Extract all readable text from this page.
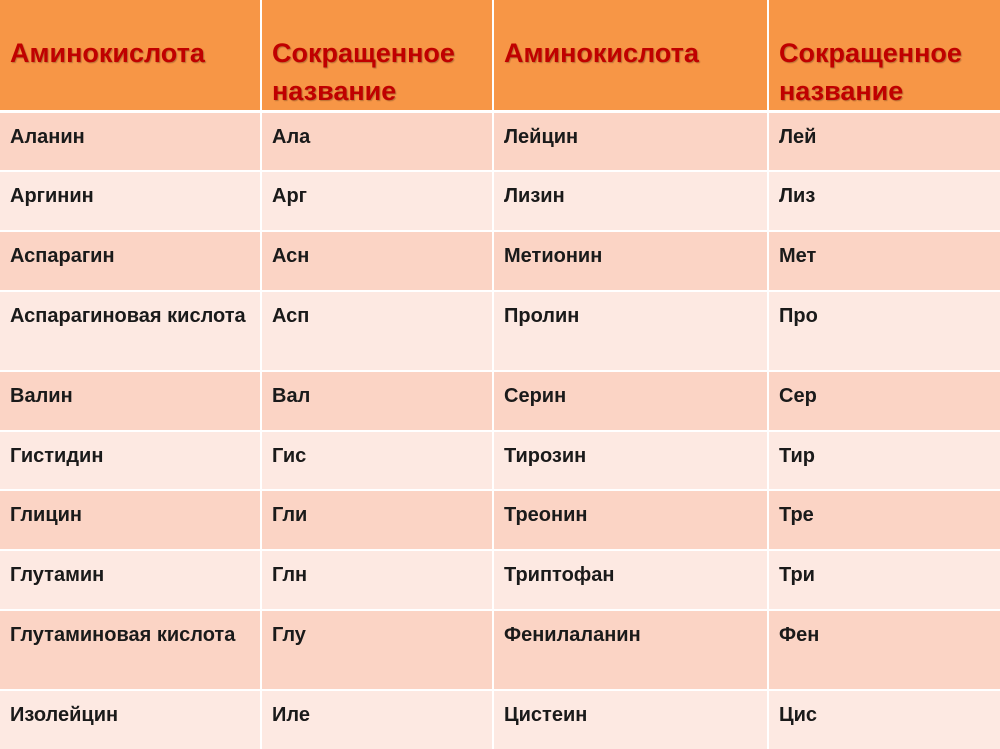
Аминокислота	Сокращенное название	Аминокислота	Сокращенное название
Аланин	Ала	Лейцин	Лей
Аргинин	Арг	Лизин	Лиз
Аспарагин	Асн	Метионин	Мет
Аспарагиновая кислота	Асп	Пролин	Про
Валин	Вал	Серин	Сер
Гистидин	Гис	Тирозин	Тир
Глицин	Гли	Треонин	Тре
Глутамин	Глн	Триптофан	Три
Глутаминовая кислота	Глу	Фенилаланин	Фен
Изолейцин	Иле	Цистеин	Цис
